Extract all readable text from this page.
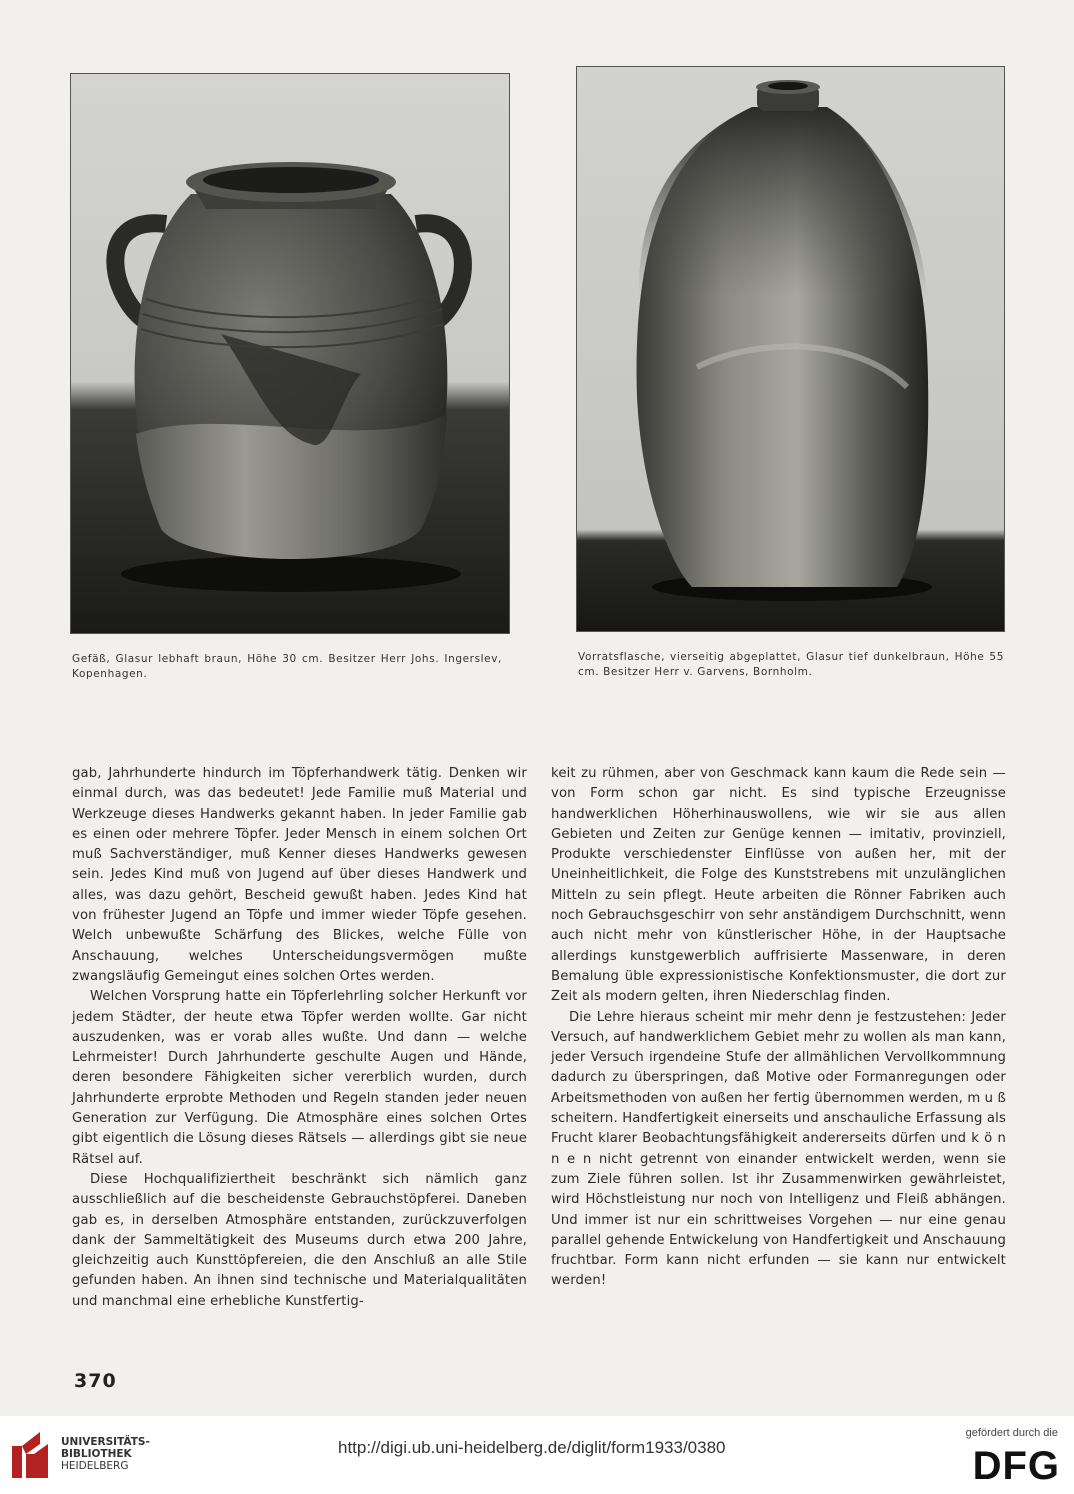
Gefäß, Glasur lebhaft braun, Höhe 30 cm. Besitzer Herr Johs. Ingerslev, Kopenhagen.
Vorratsflasche, vierseitig abgeplattet, Glasur tief dunkelbraun, Höhe 55 cm. Besitzer Herr v. Garvens, Bornholm.

gab, Jahrhunderte hindurch im Töpferhandwerk tätig. Denken wir einmal durch, was das bedeutet! Jede Familie muß Material und Werkzeuge dieses Handwerks gekannt haben. In jeder Familie gab es einen oder mehrere Töpfer. Jeder Mensch in einem solchen Ort muß Sachverständiger, muß Kenner dieses Handwerks gewesen sein. Jedes Kind muß von Jugend auf über dieses Handwerk und alles, was dazu gehört, Bescheid gewußt haben. Jedes Kind hat von frühester Jugend an Töpfe und immer wieder Töpfe gesehen. Welch unbewußte Schärfung des Blickes, welche Fülle von Anschauung, welches Unterscheidungsvermögen mußte zwangsläufig Gemeingut eines solchen Ortes werden.

Welchen Vorsprung hatte ein Töpferlehrling solcher Herkunft vor jedem Städter, der heute etwa Töpfer werden wollte. Gar nicht auszudenken, was er vorab alles wußte. Und dann — welche Lehrmeister! Durch Jahrhunderte geschulte Augen und Hände, deren besondere Fähigkeiten sicher vererblich wurden, durch Jahrhunderte erprobte Methoden und Regeln standen jeder neuen Generation zur Verfügung. Die Atmosphäre eines solchen Ortes gibt eigentlich die Lösung dieses Rätsels — allerdings gibt sie neue Rätsel auf.

Diese Hochqualifiziertheit beschränkt sich nämlich ganz ausschließlich auf die bescheidenste Gebrauchstöpferei. Daneben gab es, in derselben Atmosphäre entstanden, zurückzuverfolgen dank der Sammeltätigkeit des Museums durch etwa 200 Jahre, gleichzeitig auch Kunsttöpfereien, die den Anschluß an alle Stile gefunden haben. An ihnen sind technische und Materialqualitäten und manchmal eine erhebliche Kunstfertig-

keit zu rühmen, aber von Geschmack kann kaum die Rede sein — von Form schon gar nicht. Es sind typische Erzeugnisse handwerklichen Höherhinauswollens, wie wir sie aus allen Gebieten und Zeiten zur Genüge kennen — imitativ, provinziell, Produkte verschiedenster Einflüsse von außen her, mit der Uneinheitlichkeit, die Folge des Kunststrebens mit unzulänglichen Mitteln zu sein pflegt. Heute arbeiten die Rönner Fabriken auch noch Gebrauchsgeschirr von sehr anständigem Durchschnitt, wenn auch nicht mehr von künstlerischer Höhe, in der Hauptsache allerdings kunstgewerblich auffrisierte Massenware, in deren Bemalung üble expressionistische Konfektionsmuster, die dort zur Zeit als modern gelten, ihren Niederschlag finden.

Die Lehre hieraus scheint mir mehr denn je festzustehen: Jeder Versuch, auf handwerklichem Gebiet mehr zu wollen als man kann, jeder Versuch irgendeine Stufe der allmählichen Vervollkommnung dadurch zu überspringen, daß Motive oder Formanregungen oder Arbeitsmethoden von außen her fertig übernommen werden, m u ß scheitern. Handfertigkeit einerseits und anschauliche Erfassung als Frucht klarer Beobachtungsfähigkeit andererseits dürfen und k ö n n e n nicht getrennt von einander entwickelt werden, wenn sie zum Ziele führen sollen. Ist ihr Zusammenwirken gewährleistet, wird Höchstleistung nur noch von Intelligenz und Fleiß abhängen. Und immer ist nur ein schrittweises Vorgehen — nur eine genau parallel gehende Entwickelung von Handfertigkeit und Anschauung fruchtbar. Form kann nicht erfunden — sie kann nur entwickelt werden!

370
UNIVERSITÄTS-
BIBLIOTHEK
HEIDELBERG
http://digi.ub.uni-heidelberg.de/diglit/form1933/0380
gefördert durch die
DFG
